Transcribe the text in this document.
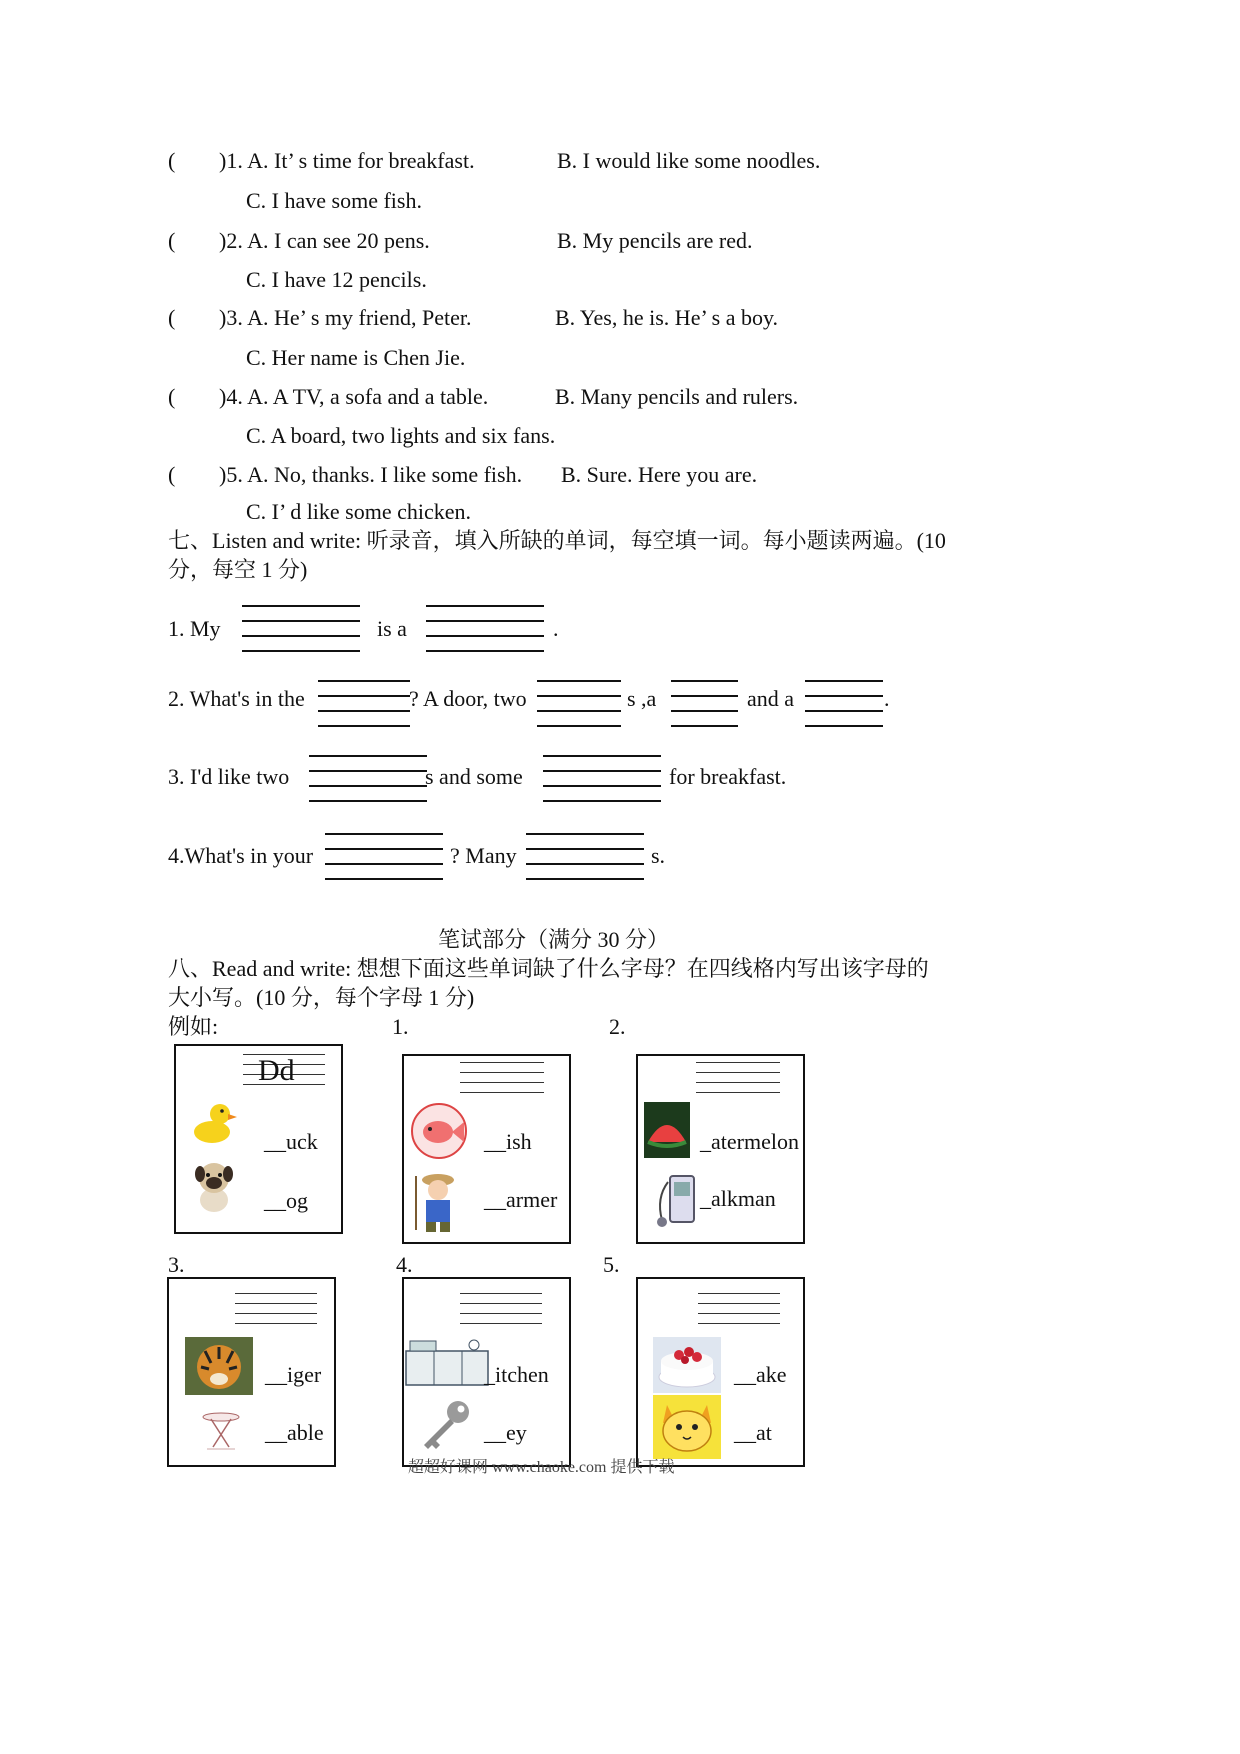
( )1. A. It’ s time for breakfast.	B. I would like some noodles.
C. I have some fish.
( )2. A. I can see 20 pens.	B. My pencils are red.
C. I have 12 pencils.
( )3. A. He’ s my friend, Peter.	B. Yes, he is. He’ s a boy.
C. Her name is Chen Jie.
( )4. A. A TV, a sofa and a table.	B. Many pencils and rulers.
C. A board, two lights and six fans.
( )5. A. No, thanks. I like some fish. B. Sure. Here you are.
C. I’ d like some chicken.
七、Listen and write: 听录音，填入所缺的单词，每空填一词。每小题读两遍。(10
分，每空 1 分)
1. My	is a	.
2. What's in the	? A door, two	s ,a	and a	.
3. I'd like two	s and some	for breakfast.
4.What's in your	? Many	s.
笔试部分（满分 30 分）
八、Read and write: 想想下面这些单词缺了什么字母？在四线格内写出该字母的
大小写。(10 分，每个字母 1 分)
例如:	1.	2.
3.	4.	5.
Dd
__uck
__og
__ish
__armer
_atermelon
_alkman
__iger
__able
_itchen
__ey
__ake
__at
超超好课网 www.chaoke.com 提供下载
